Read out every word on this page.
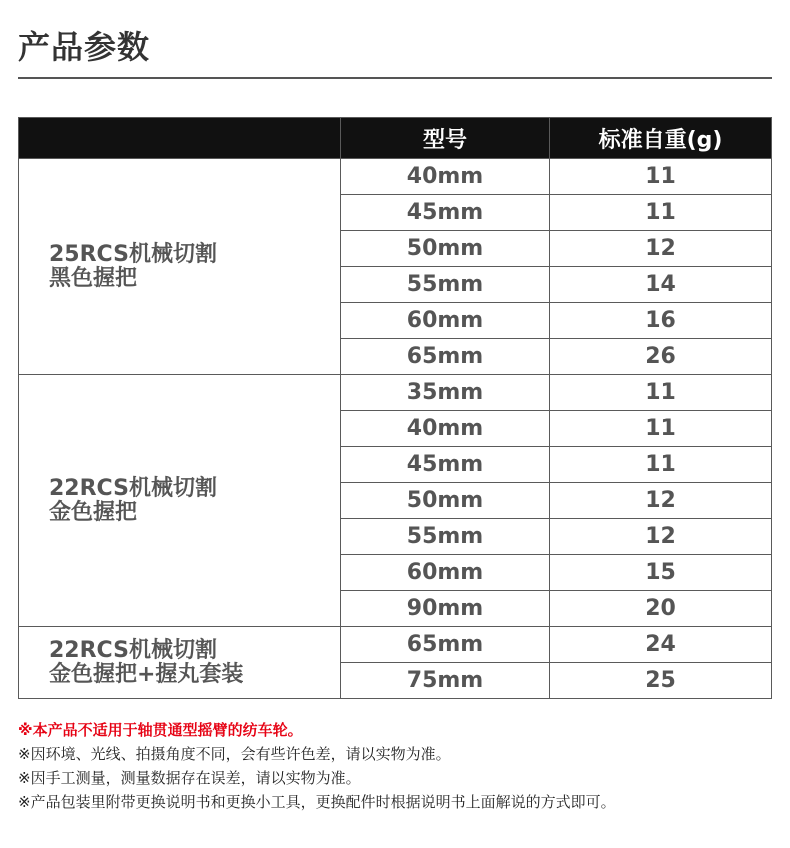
产品参数
	型号	标准自重(g)

25RCS机械切割
黑色握把	40mm	11
	45mm	11
	50mm	12
	55mm	14
	60mm	16
	65mm	26

22RCS机械切割
金色握把	35mm	11
	40mm	11
	45mm	11
	50mm	12
	55mm	12
	60mm	15
	90mm	20

22RCS机械切割
金色握把+握丸套装	65mm	24
	75mm	25
※本产品不适用于轴贯通型摇臂的纺车轮。
※因环境、光线、拍摄角度不同，会有些许色差，请以实物为准。
※因手工测量，测量数据存在误差，请以实物为准。
※产品包装里附带更换说明书和更换小工具，更换配件时根据说明书上面解说的方式即可。
